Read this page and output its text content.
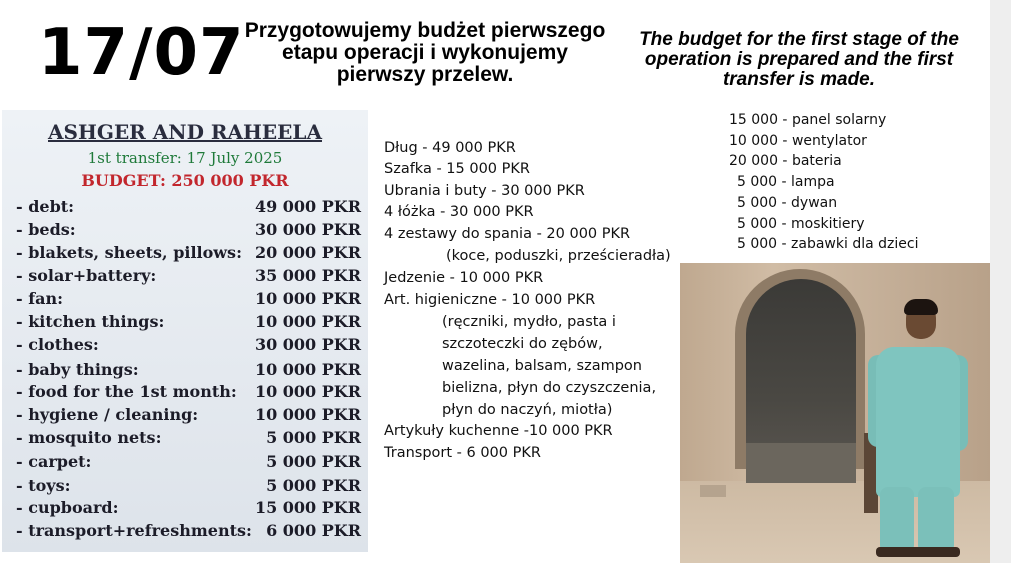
17/07 Przygotowujemy budżet pierwszego
etapu operacji i wykonujemy
pierwszy przelew.
The budget for the first stage of the
operation is prepared and the first
transfer is made.
ASHGER AND RAHEELA
1st transfer: 17 July 2025
BUDGET: 250 000 PKR
- debt:	49 000 PKR
- beds:	30 000 PKR
- blakets, sheets, pillows: 20 000 PKR
- solar+battery:	35 000 PKR
- fan:	10 000 PKR
- kitchen things:	10 000 PKR
- clothes:	30 000 PKR
- baby things:	10 000 PKR
- food for the 1st month: 10 000 PKR
- hygiene / cleaning:	10 000 PKR
- mosquito nets:	5 000 PKR
- carpet:	5 000 PKR
- toys:	5 000 PKR
- cupboard:	15 000 PKR
- transport+refreshments: 6 000 PKR
Dług - 49 000 PKR
Szafka - 15 000 PKR
Ubrania i buty - 30 000 PKR
4 łóżka - 30 000 PKR
4 zestawy do spania - 20 000 PKR
(koce, poduszki, prześcieradła)
Jedzenie - 10 000 PKR
Art. higieniczne - 10 000 PKR
(ręczniki, mydło, pasta i
szczoteczki do zębów,
wazelina, balsam, szampon
bielizna, płyn do czyszczenia,
płyn do naczyń, miotła)
Artykuły kuchenne -10 000 PKR
Transport - 6 000 PKR
15 000 - panel solarny
10 000 - wentylator
20 000 - bateria
5 000 - lampa
5 000 - dywan
5 000 - moskitiery
5 000 - zabawki dla dzieci
